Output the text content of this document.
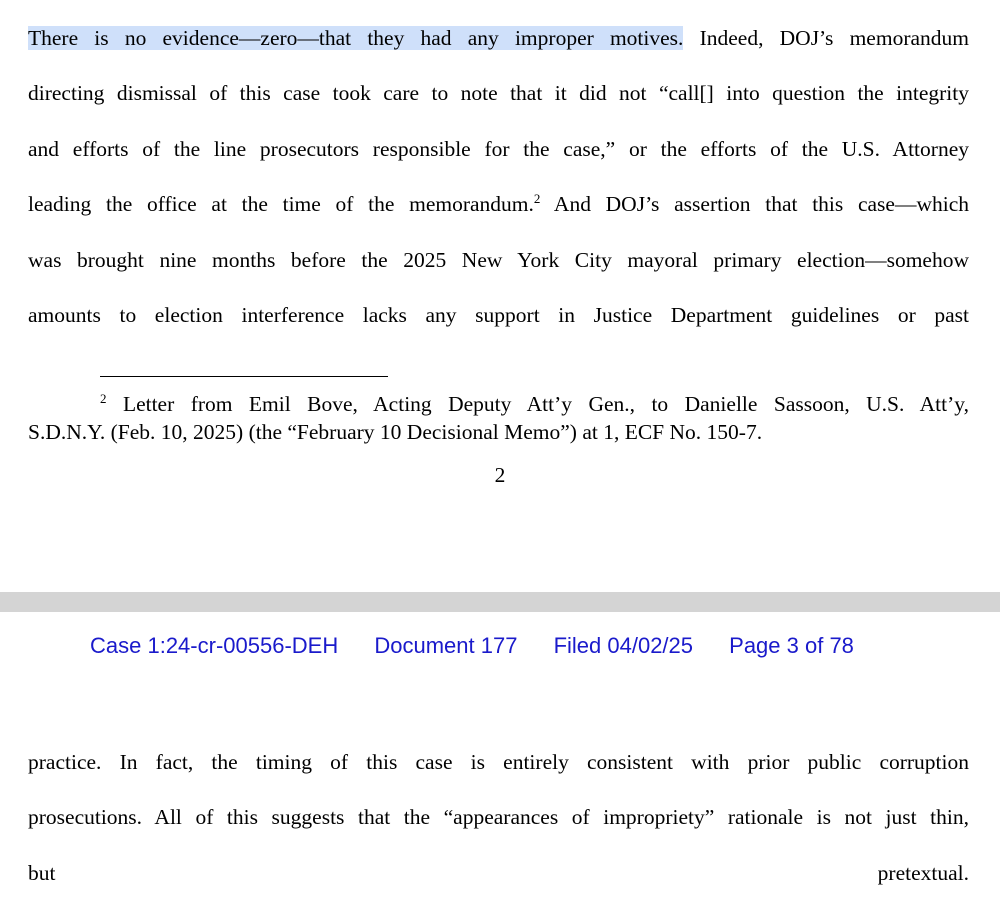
There is no evidence—zero—that they had any improper motives. Indeed, DOJ’s memorandum
directing dismissal of this case took care to note that it did not “call[] into question the integrity
and efforts of the line prosecutors responsible for the case,” or the efforts of the U.S. Attorney
leading the office at the time of the memorandum.$^2$ And DOJ’s assertion that this case—which
was brought nine months before the 2025 New York City mayoral primary election—somehow
amounts to election interference lacks any support in Justice Department guidelines or past
$^2$ Letter from Emil Bove, Acting Deputy Att’y Gen., to Danielle Sassoon, U.S. Att’y,
S.D.N.Y. (Feb. 10, 2025) (the “February 10 Decisional Memo”) at 1, ECF No. 150-7.
2
Case 1:24-cr-00556-DEH Document 177 Filed 04/02/25 Page 3 of 78
practice. In fact, the timing of this case is entirely consistent with prior public corruption
prosecutions. All of this suggests that the “appearances of impropriety” rationale is not just thin,
but pretextual.
